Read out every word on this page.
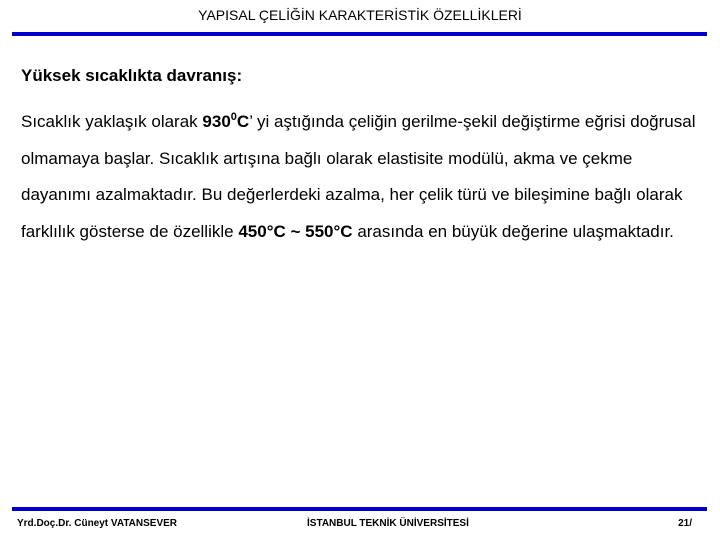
YAPISAL ÇELİĞİN KARAKTERİSTİK ÖZELLİKLERİ

Yüksek sıcaklıkta davranış:

Sıcaklık yaklaşık olarak $930^0C$’ yi aştığında çeliğin gerilme-şekil değiştirme eğrisi doğrusal olmamaya başlar. Sıcaklık artışına bağlı olarak elastisite modülü, akma ve çekme dayanımı azalmaktadır. Bu değerlerdeki azalma, her çelik türü ve bileşimine bağlı olarak farklılık gösterse de özellikle 450°C ~ 550°C arasında en büyük değerine ulaşmaktadır.

Yrd.Doç.Dr. Cüneyt VATANSEVER	İSTANBUL TEKNİK ÜNİVERSİTESİ	21/
